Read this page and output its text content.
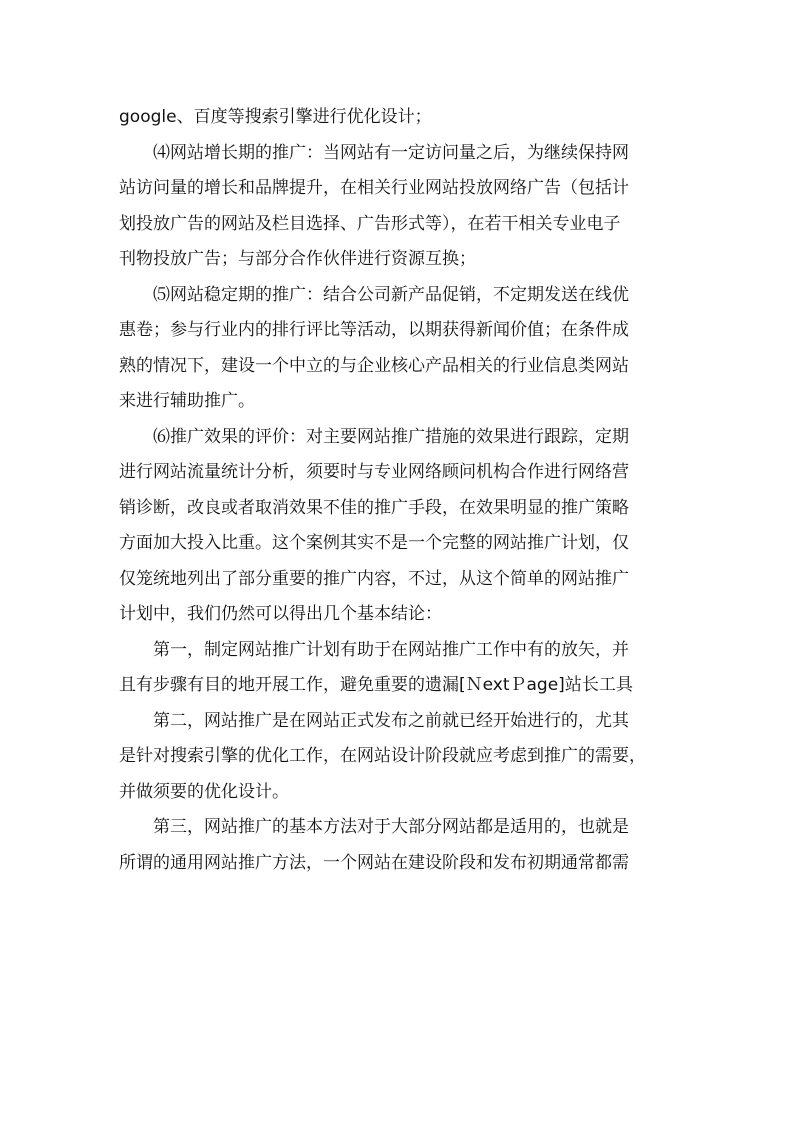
google、百度等搜索引擎进行优化设计；
⑷网站增长期的推广：当网站有一定访问量之后，为继续保持网
站访问量的增长和品牌提升，在相关行业网站投放网络广告（包括计
划投放广告的网站及栏目选择、广告形式等），在若干相关专业电子
刊物投放广告；与部分合作伙伴进行资源互换；
⑸网站稳定期的推广：结合公司新产品促销，不定期发送在线优
惠卷；参与行业内的排行评比等活动，以期获得新闻价值；在条件成
熟的情况下，建设一个中立的与企业核心产品相关的行业信息类网站
来进行辅助推广。
⑹推广效果的评价：对主要网站推广措施的效果进行跟踪，定期
进行网站流量统计分析，须要时与专业网络顾问机构合作进行网络营
销诊断，改良或者取消效果不佳的推广手段，在效果明显的推广策略
方面加大投入比重。这个案例其实不是一个完整的网站推广计划，仅
仅笼统地列出了部分重要的推广内容，不过，从这个简单的网站推广
计划中，我们仍然可以得出几个基本结论：
第一，制定网站推广计划有助于在网站推广工作中有的放矢，并
且有步骤有目的地开展工作，避免重要的遗漏[ＮextＰage]站长工具
第二，网站推广是在网站正式发布之前就已经开始进行的，尤其
是针对搜索引擎的优化工作，在网站设计阶段就应考虑到推广的需要，
并做须要的优化设计。
第三，网站推广的基本方法对于大部分网站都是适用的，也就是
所谓的通用网站推广方法，一个网站在建设阶段和发布初期通常都需
